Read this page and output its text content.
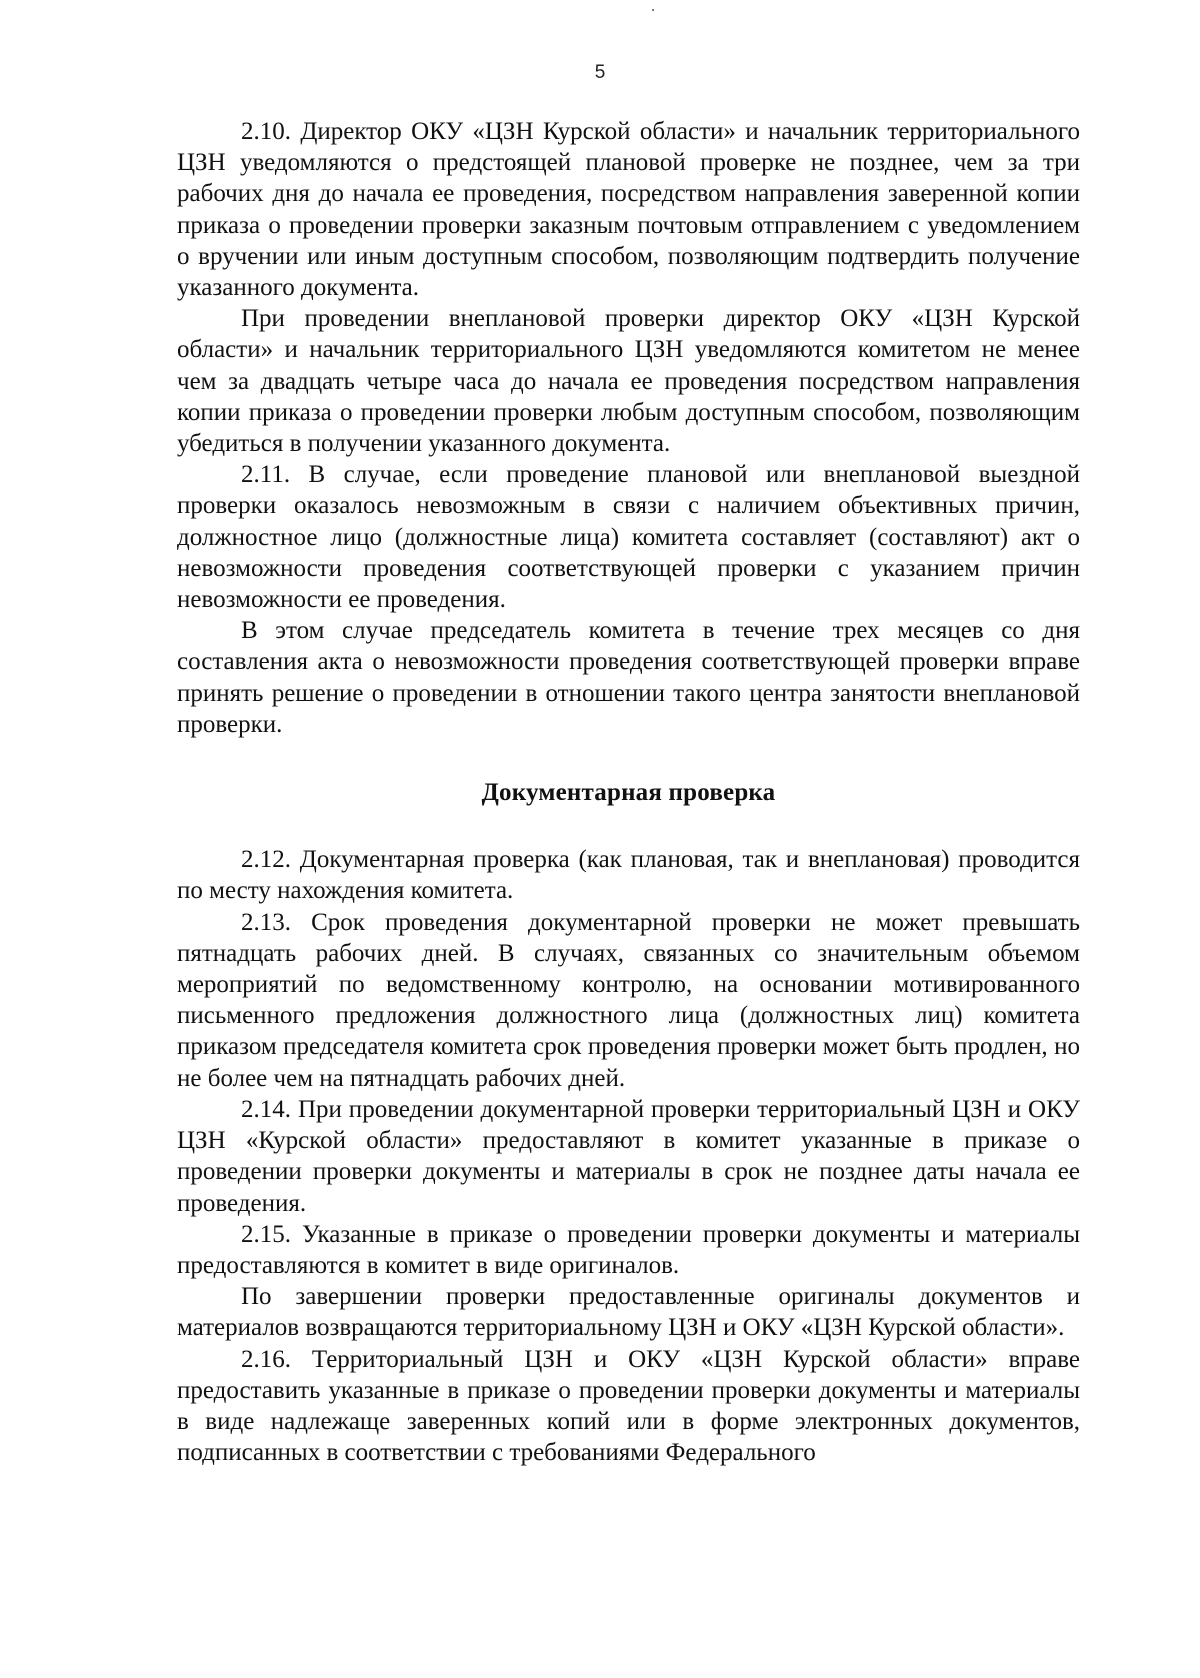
5

2.10. Директор ОКУ «ЦЗН Курской области» и начальник территориального ЦЗН уведомляются о предстоящей плановой проверке не позднее, чем за три рабочих дня до начала ее проведения, посредством направления заверенной копии приказа о проведении проверки заказным почтовым отправлением с уведомлением о вручении или иным доступным способом, позволяющим подтвердить получение указанного документа.

При проведении внеплановой проверки директор ОКУ «ЦЗН Курской области» и начальник территориального ЦЗН уведомляются комитетом не менее чем за двадцать четыре часа до начала ее проведения посредством направления копии приказа о проведении проверки любым доступным способом, позволяющим убедиться в получении указанного документа.

2.11. В случае, если проведение плановой или внеплановой выездной проверки оказалось невозможным в связи с наличием объективных причин, должностное лицо (должностные лица) комитета составляет (составляют) акт о невозможности проведения соответствующей проверки с указанием причин невозможности ее проведения.

В этом случае председатель комитета в течение трех месяцев со дня составления акта о невозможности проведения соответствующей проверки вправе принять решение о проведении в отношении такого центра занятости внеплановой проверки.

Документарная проверка

2.12. Документарная проверка (как плановая, так и внеплановая) проводится по месту нахождения комитета.

2.13. Срок проведения документарной проверки не может превышать пятнадцать рабочих дней. В случаях, связанных со значительным объемом мероприятий по ведомственному контролю, на основании мотивированного письменного предложения должностного лица (должностных лиц) комитета приказом председателя комитета срок проведения проверки может быть продлен, но не более чем на пятнадцать рабочих дней.

2.14. При проведении документарной проверки территориальный ЦЗН и ОКУ ЦЗН «Курской области» предоставляют в комитет указанные в приказе о проведении проверки документы и материалы в срок не позднее даты начала ее проведения.

2.15. Указанные в приказе о проведении проверки документы и материалы предоставляются в комитет в виде оригиналов.

По завершении проверки предоставленные оригиналы документов и материалов возвращаются территориальному ЦЗН и ОКУ «ЦЗН Курской области».

2.16. Территориальный ЦЗН и ОКУ «ЦЗН Курской области» вправе предоставить указанные в приказе о проведении проверки документы и материалы в виде надлежаще заверенных копий или в форме электронных документов, подписанных в соответствии с требованиями Федерального
